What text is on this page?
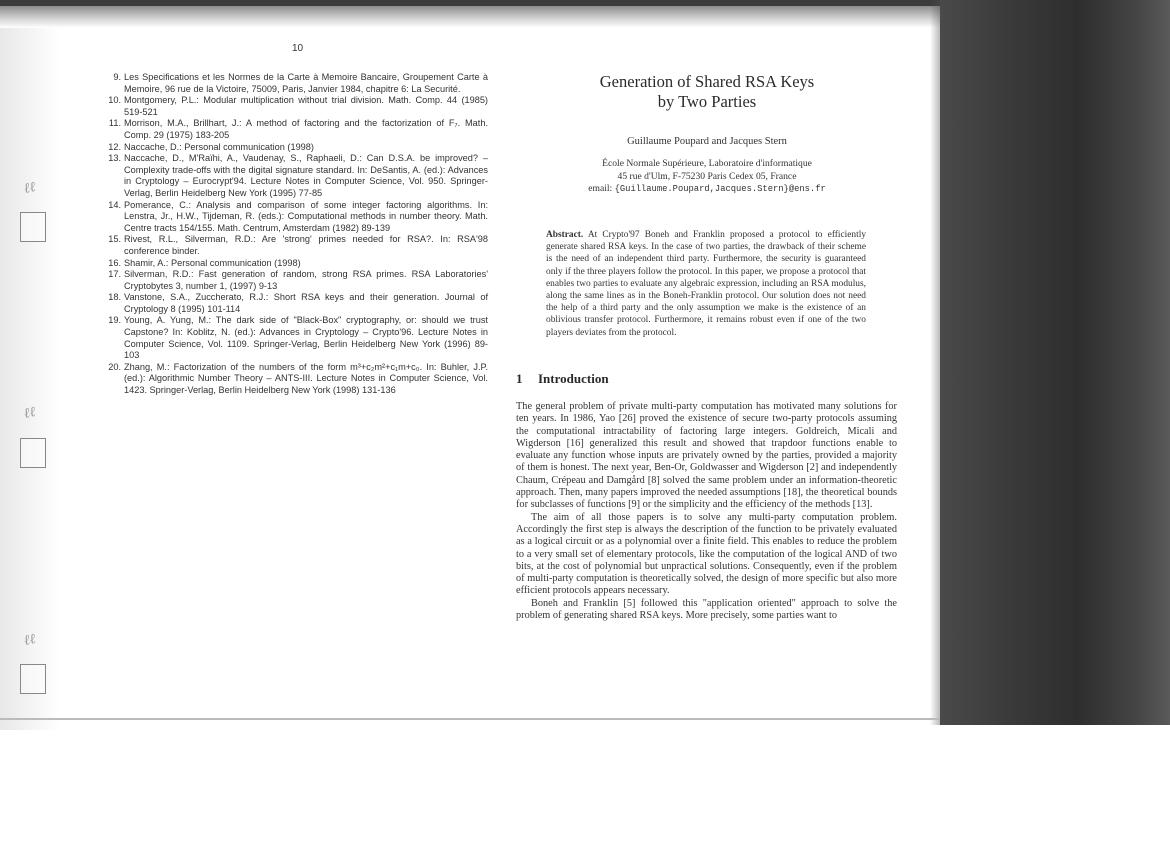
ℓℓ
ℓℓ
ℓℓ
10
9. Les Specifications et les Normes de la Carte à Memoire Bancaire, Groupement Carte à Memoire, 96 rue de la Victoire, 75009, Paris, Janvier 1984, chapitre 6: La Securité.
10. Montgomery, P.L.: Modular multiplication without trial division. Math. Comp. 44 (1985) 519-521
11. Morrison, M.A., Brillhart, J.: A method of factoring and the factorization of F₇. Math. Comp. 29 (1975) 183-205
12. Naccache, D.: Personal communication (1998)
13. Naccache, D., M'Raïhi, A., Vaudenay, S., Raphaeli, D.: Can D.S.A. be improved? – Complexity trade-offs with the digital signature standard. In: DeSantis, A. (ed.): Advances in Cryptology – Eurocrypt'94. Lecture Notes in Computer Science, Vol. 950. Springer-Verlag, Berlin Heidelberg New York (1995) 77-85
14. Pomerance, C.: Analysis and comparison of some integer factoring algorithms. In: Lenstra, Jr., H.W., Tijdeman, R. (eds.): Computational methods in number theory. Math. Centre tracts 154/155. Math. Centrum, Amsterdam (1982) 89-139
15. Rivest, R.L., Silverman, R.D.: Are 'strong' primes needed for RSA?. In: RSA'98 conference binder.
16. Shamir, A.: Personal communication (1998)
17. Silverman, R.D.: Fast generation of random, strong RSA primes. RSA Laboratories' Cryptobytes 3, number 1, (1997) 9-13
18. Vanstone, S.A., Zuccherato, R.J.: Short RSA keys and their generation. Journal of Cryptology 8 (1995) 101-114
19. Young, A. Yung, M.: The dark side of "Black-Box" cryptography, or: should we trust Capstone? In: Koblitz, N. (ed.): Advances in Cryptology – Crypto'96. Lecture Notes in Computer Science, Vol. 1109. Springer-Verlag, Berlin Heidelberg New York (1996) 89-103
20. Zhang, M.: Factorization of the numbers of the form m³+c₂m²+c₁m+c₀. In: Buhler, J.P. (ed.): Algorithmic Number Theory – ANTS-III. Lecture Notes in Computer Science, Vol. 1423. Springer-Verlag, Berlin Heidelberg New York (1998) 131-136
Generation of Shared RSA Keys
by Two Parties
Guillaume Poupard and Jacques Stern
École Normale Supérieure, Laboratoire d'informatique
45 rue d'Ulm, F-75230 Paris Cedex 05, France
email: {Guillaume.Poupard,Jacques.Stern}@ens.fr
Abstract. At Crypto'97 Boneh and Franklin proposed a protocol to efficiently generate shared RSA keys. In the case of two parties, the drawback of their scheme is the need of an independent third party. Furthermore, the security is guaranteed only if the three players follow the protocol. In this paper, we propose a protocol that enables two parties to evaluate any algebraic expression, including an RSA modulus, along the same lines as in the Boneh-Franklin protocol. Our solution does not need the help of a third party and the only assumption we make is the existence of an oblivious transfer protocol. Furthermore, it remains robust even if one of the two players deviates from the protocol.
1 Introduction

The general problem of private multi-party computation has motivated many solutions for ten years. In 1986, Yao [26] proved the existence of secure two-party protocols assuming the computational intractability of factoring large integers. Goldreich, Micali and Wigderson [16] generalized this result and showed that trapdoor functions enable to evaluate any function whose inputs are privately owned by the parties, provided a majority of them is honest. The next year, Ben-Or, Goldwasser and Wigderson [2] and independently Chaum, Crépeau and Damgård [8] solved the same problem under an information-theoretic approach. Then, many papers improved the needed assumptions [18], the theoretical bounds for subclasses of functions [9] or the simplicity and the efficiency of the methods [13].

The aim of all those papers is to solve any multi-party computation problem. Accordingly the first step is always the description of the function to be privately evaluated as a logical circuit or as a polynomial over a finite field. This enables to reduce the problem to a very small set of elementary protocols, like the computation of the logical AND of two bits, at the cost of polynomial but unpractical solutions. Consequently, even if the problem of multi-party computation is theoretically solved, the design of more specific but also more efficient protocols appears necessary.

Boneh and Franklin [5] followed this "application oriented" approach to solve the problem of generating shared RSA keys. More precisely, some parties want to
